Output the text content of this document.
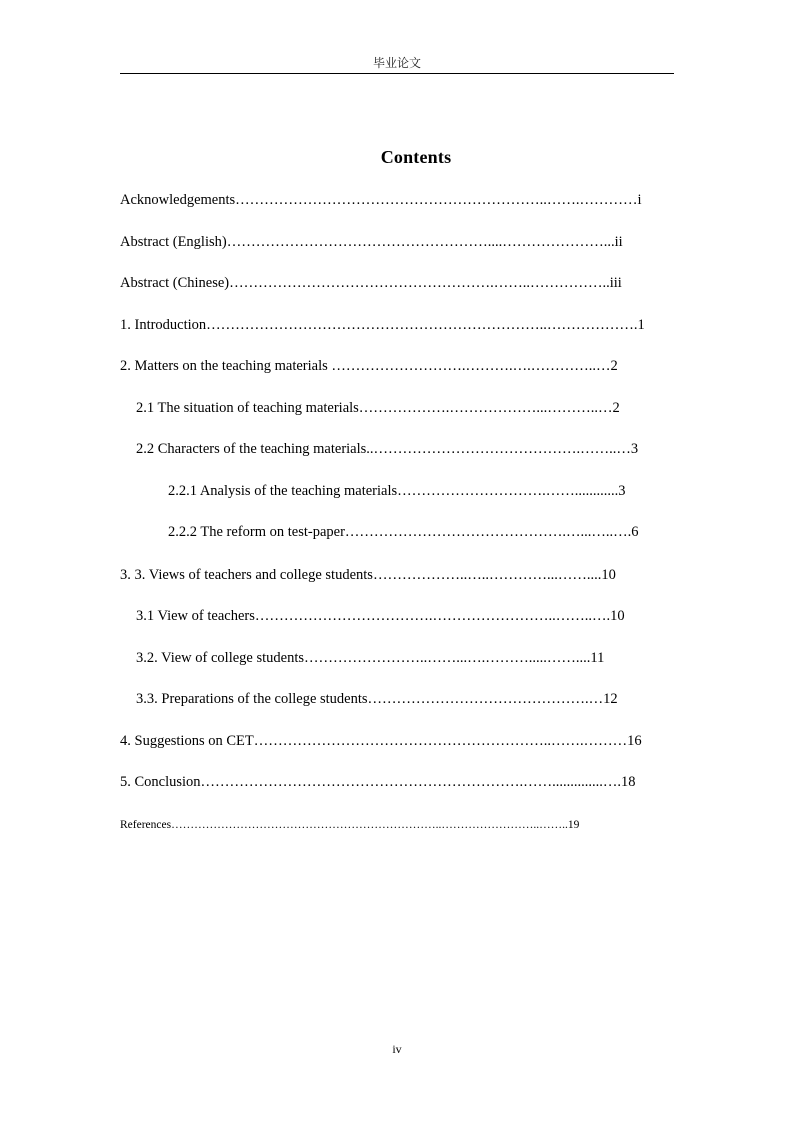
毕业论文
Contents
Acknowledgements………………………………………………………..…….…………i
Abstract (English)………………………………………………....…………………...ii
Abstract (Chinese)……………………………………………….……..……………..iii
1. Introduction……………………………………………………………..……………….1
2. Matters on the teaching materials ……………………….……….….…………..…2
2.1 The situation of teaching materials……………….………………...………..…2
2.2 Characters of the teaching materials..…………………………………….……..…3
2.2.1 Analysis of the teaching materials………………………….……............3
2.2.2 The reform on test-paper……………………………………….…...…..….6
3. 3. Views of teachers and college students………………..…..…………...……....10
3.1 View of teachers……………………………….……………………..……..….10
3.2. View of college students……………………..……...….……….....……....11
3.3. Preparations of the college students……………………………………….…12
4. Suggestions on CET……………………………………………………..…….………16
5. Conclusion………………………………………………………….……..............….18
References……………………………………………………………..……………………..……..19
iv
